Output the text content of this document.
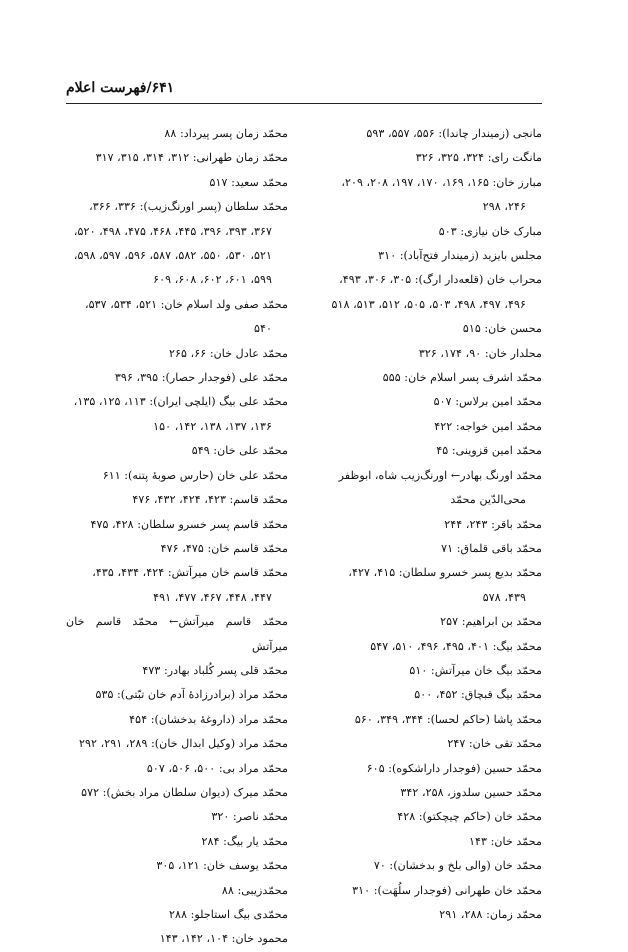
۶۴۱/فهرست اعلام
مانجی (زمیندار چاندا): ۵۵۶، ۵۵۷، ۵۹۳
مانگت رای: ۳۲۴، ۳۲۵، ۳۲۶
مبارز خان: ۱۶۵، ۱۶۹، ۱۷۰، ۱۹۷، ۲۰۸، ۲۰۹،
۲۴۶، ۲۹۸
مبارک خان نیازی: ۵۰۳
مجلس بایزید (زمیندار فتح‌آباد): ۳۱۰
محراب خان (قلعه‌دار ارگ): ۳۰۵، ۳۰۶، ۴۹۳،
۴۹۶، ۴۹۷، ۴۹۸، ۵۰۳، ۵۰۵، ۵۱۲، ۵۱۳، ۵۱۸
محسن خان: ۵۱۵
محلدار خان: ۹۰، ۱۷۴، ۳۲۶
محمّد اشرف پسر اسلام خان: ۵۵۵
محمّد امین برلاس: ۵۰۷
محمّد امین خواجه: ۴۲۲
محمّد امین قزوینی: ۴۵
محمّد اورنگ بهادر← اورنگ‌زیب شاه، ابوظفر
محی‌الدّین محمّد
محمّد باقر: ۲۴۳، ۲۴۴
محمّد باقی قلماق: ۷۱
محمّد بدیع پسر خسرو سلطان: ۴۱۵، ۴۲۷،
۴۳۹، ۵۷۸
محمّد بن ابراهیم: ۲۵۷
محمّد بیگ: ۴۰۱، ۴۹۵، ۴۹۶، ۵۱۰، ۵۴۷
محمّد بیگ خان میرآتش: ۵۱۰
محمّد بیگ قبچاق: ۴۵۲، ۵۰۰
محمّد پاشا (حاکم لحسا): ۳۴۴، ۳۴۹، ۵۶۰
محمّد تقی خان: ۲۴۷
محمّد حسین (فوجدار داراشکوه): ۶۰۵
محمّد حسین سلدوز، ۲۵۸، ۳۴۲
محمّد خان (حاکم چیچکتو): ۴۲۸
محمّد خان: ۱۴۳
محمّد خان (والی بلخ و بدخشان): ۷۰
محمّد خان طهرانی (فوجدار سلُهَت): ۳۱۰
محمّد زمان: ۲۸۸، ۲۹۱
محمّد زمان پسر پیرداد: ۸۸
محمّد زمان طهرانی: ۳۱۲، ۳۱۴، ۳۱۵، ۳۱۷
محمّد سعید: ۵۱۷
محمّد سلطان (پسر اورنگ‌زیب): ۳۳۶، ۳۶۶،
۳۶۷، ۳۹۳، ۳۹۶، ۴۴۵، ۴۶۸، ۴۷۵، ۴۹۸، ۵۲۰،
۵۲۱، ۵۳۰، ۵۵۰، ۵۸۲، ۵۸۷، ۵۹۶، ۵۹۷، ۵۹۸،
۵۹۹، ۶۰۱، ۶۰۲، ۶۰۸، ۶۰۹
محمّد صفی ولد اسلام خان: ۵۲۱، ۵۳۴، ۵۳۷،
۵۴۰
محمّد عادل خان: ۶۶، ۲۶۵
محمّد علی (فوجدار حصار): ۳۹۵، ۳۹۶
محمّد علی بیگ (ایلچی ایران): ۱۱۳، ۱۲۵، ۱۳۵،
۱۳۶، ۱۳۷، ۱۳۸، ۱۴۲، ۱۵۰
محمّد علی خان: ۵۴۹
محمّد علی خان (حارس صوبهٔ پتنه): ۶۱۱
محمّد قاسم: ۴۲۳، ۴۲۴، ۴۳۲، ۴۷۶
محمّد قاسم پسر خسرو سلطان: ۴۲۸، ۴۷۵
محمّد قاسم خان: ۴۷۵، ۴۷۶
محمّد قاسم خان میرآتش: ۴۲۴، ۴۳۴، ۴۳۵،
۴۴۷، ۴۴۸، ۴۶۷، ۴۷۷، ۴۹۱
محمّد قاسم میرآتش← محمّد قاسم خان میرآتش
محمّد قلی پسر کُلباد بهادر: ۴۷۳
محمّد مراد (برادرزادهٔ آدم خان تبّتی): ۵۳۵
محمّد مراد (داروغهٔ بدخشان): ۴۵۴
محمّد مراد (وکیل ابدال خان): ۲۸۹، ۲۹۱، ۲۹۲
محمّد مراد بی: ۵۰۰، ۵۰۶، ۵۰۷
محمّد میرک (دیوان سلطان مراد بخش): ۵۷۲
محمّد ناصر: ۳۲۰
محمّد یار بیگ: ۲۸۴
محمّد یوسف خان: ۱۲۱، ۳۰۵
محمّدزیبی: ۸۸
محمّدی بیگ استاجلو: ۲۸۸
محمود خان: ۱۰۴، ۱۴۲، ۱۴۳
